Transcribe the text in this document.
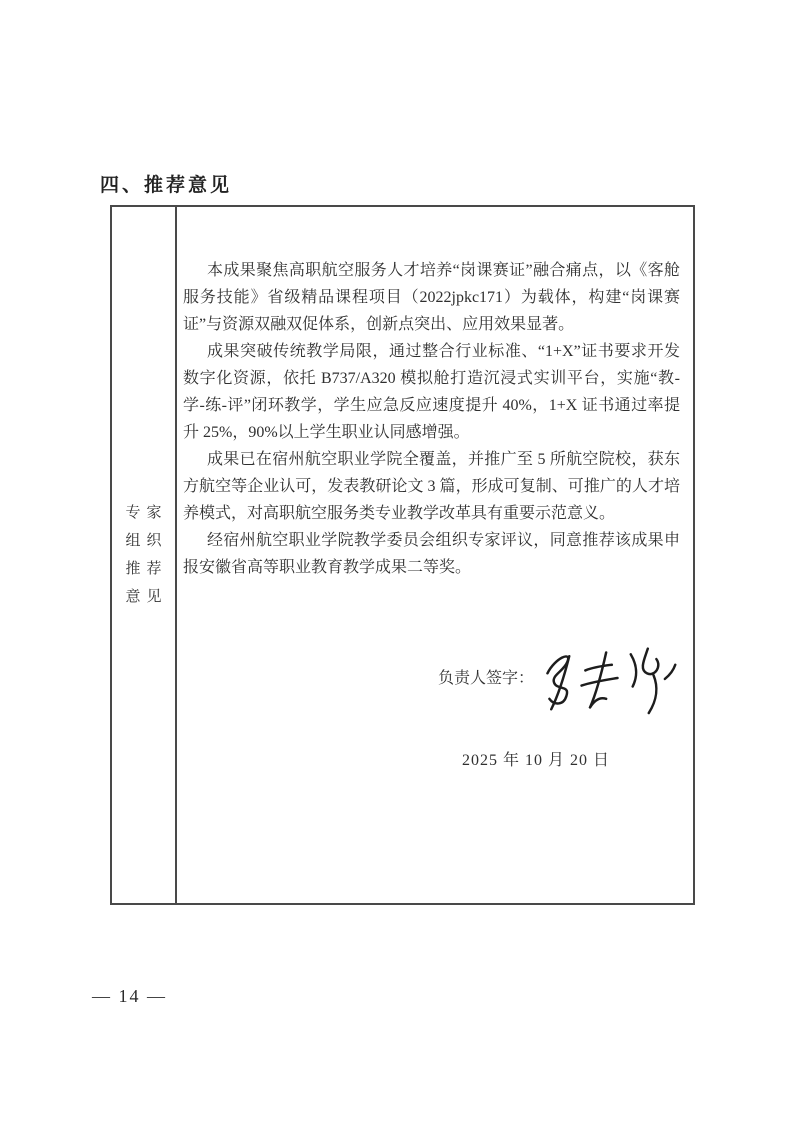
四、推荐意见
专家
组织
推荐
意见

本成果聚焦高职航空服务人才培养“岗课赛证”融合痛点，以《客舱服务技能》省级精品课程项目（2022jpkc171）为载体，构建“岗课赛证”与资源双融双促体系，创新点突出、应用效果显著。

成果突破传统教学局限，通过整合行业标准、“1+X”证书要求开发数字化资源，依托 B737/A320 模拟舱打造沉浸式实训平台，实施“教-学-练-评”闭环教学，学生应急反应速度提升 40%，1+X 证书通过率提升 25%，90%以上学生职业认同感增强。

成果已在宿州航空职业学院全覆盖，并推广至 5 所航空院校，获东方航空等企业认可，发表教研论文 3 篇，形成可复制、可推广的人才培养模式，对高职航空服务类专业教学改革具有重要示范意义。

经宿州航空职业学院教学委员会组织专家评议，同意推荐该成果申报安徽省高等职业教育教学成果二等奖。

负责人签字：
2025 年 10 月 20 日
— 14 —
